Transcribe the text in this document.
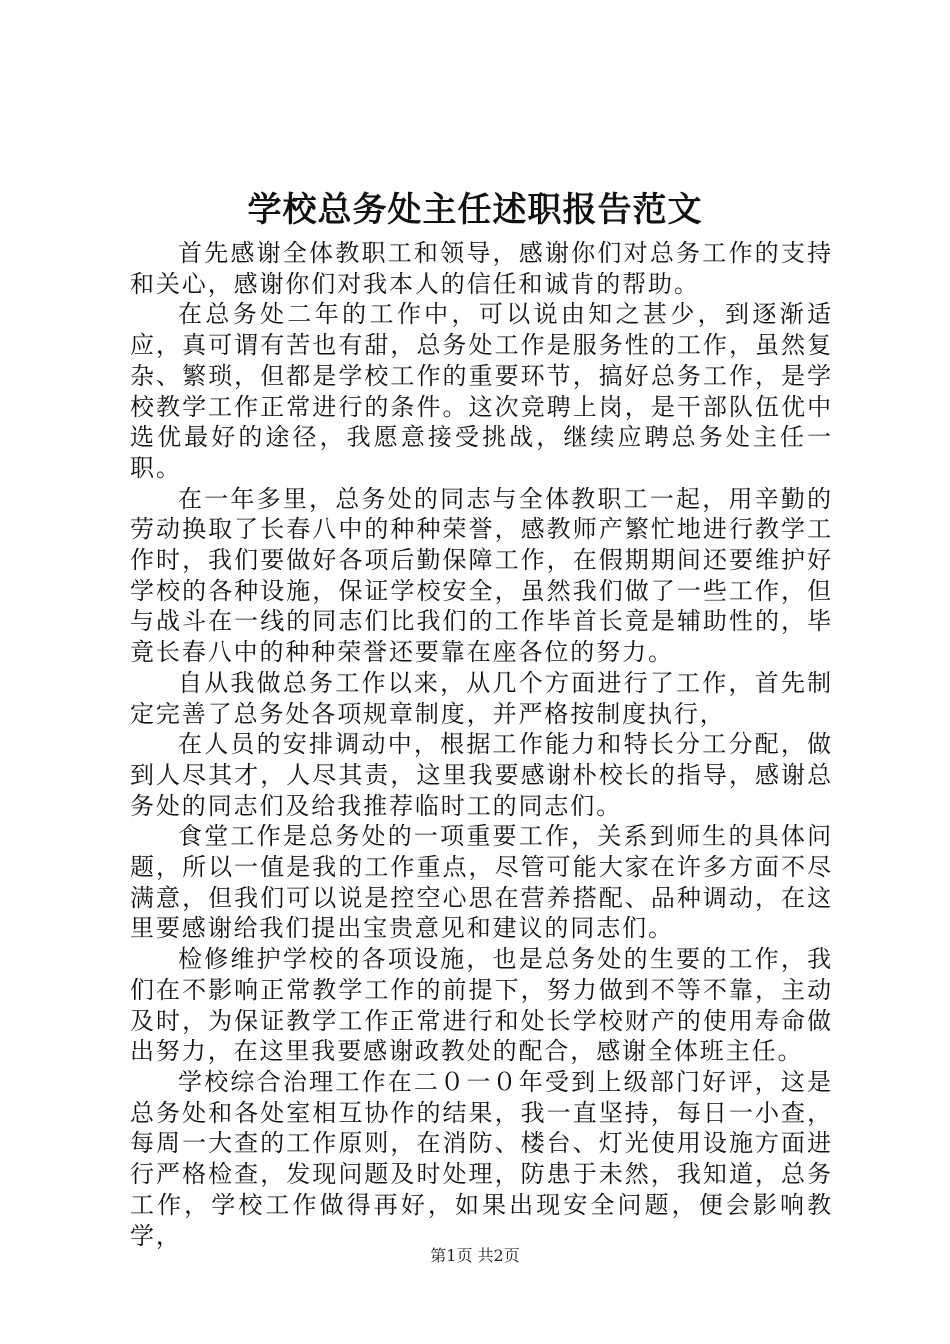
学校总务处主任述职报告范文

首先感谢全体教职工和领导，感谢你们对总务工作的支持和关心，感谢你们对我本人的信任和诚肯的帮助。

在总务处二年的工作中，可以说由知之甚少，到逐渐适应，真可谓有苦也有甜，总务处工作是服务性的工作，虽然复杂、繁琐，但都是学校工作的重要环节，搞好总务工作，是学校教学工作正常进行的条件。这次竞聘上岗，是干部队伍优中选优最好的途径，我愿意接受挑战，继续应聘总务处主任一职。

在一年多里，总务处的同志与全体教职工一起，用辛勤的劳动换取了长春八中的种种荣誉，感教师产繁忙地进行教学工作时，我们要做好各项后勤保障工作，在假期期间还要维护好学校的各种设施，保证学校安全，虽然我们做了一些工作，但与战斗在一线的同志们比我们的工作毕首长竟是辅助性的，毕竟长春八中的种种荣誉还要靠在座各位的努力。

自从我做总务工作以来，从几个方面进行了工作，首先制定完善了总务处各项规章制度，并严格按制度执行，

在人员的安排调动中，根据工作能力和特长分工分配，做到人尽其才，人尽其责，这里我要感谢朴校长的指导，感谢总务处的同志们及给我推荐临时工的同志们。

食堂工作是总务处的一项重要工作，关系到师生的具体问题，所以一值是我的工作重点，尽管可能大家在许多方面不尽满意，但我们可以说是控空心思在营养搭配、品种调动，在这里要感谢给我们提出宝贵意见和建议的同志们。

检修维护学校的各项设施，也是总务处的生要的工作，我们在不影响正常教学工作的前提下，努力做到不等不靠，主动及时，为保证教学工作正常进行和处长学校财产的使用寿命做出努力，在这里我要感谢政教处的配合，感谢全体班主任。

学校综合治理工作在二０一０年受到上级部门好评，这是总务处和各处室相互协作的结果，我一直坚持，每日一小查，每周一大查的工作原则，在消防、楼台、灯光使用设施方面进行严格检查，发现问题及时处理，防患于未然，我知道，总务工作，学校工作做得再好，如果出现安全问题，便会影响教学，

第1页 共2页
